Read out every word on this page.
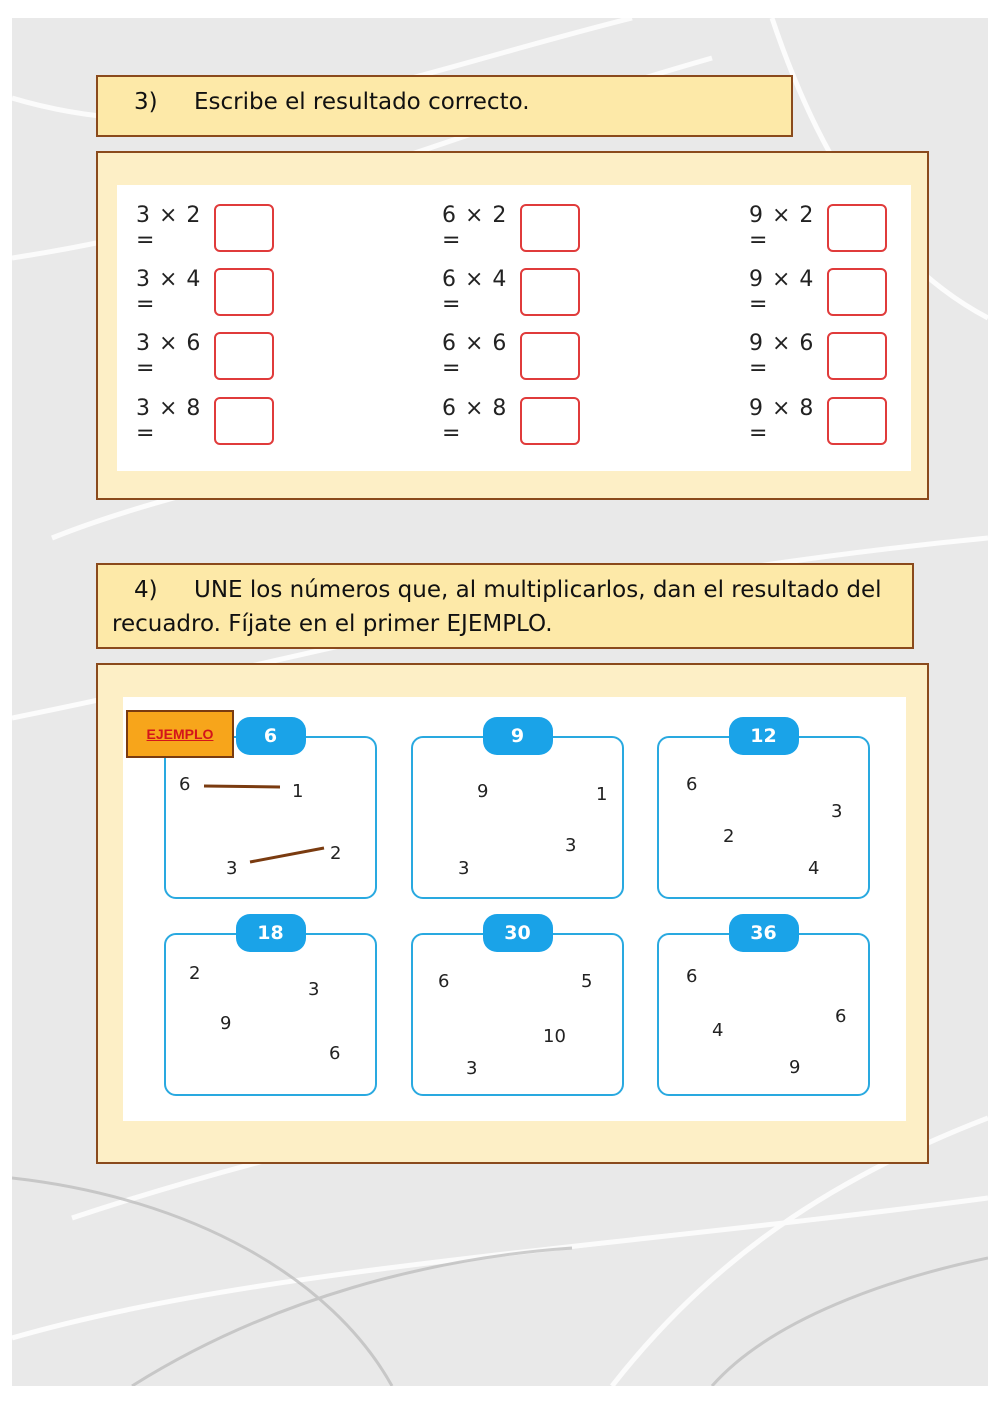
3) Escribe el resultado correcto.
3 × 2 =
3 × 4 =
3 × 6 =
3 × 8 =
6 × 2 =
6 × 4 =
6 × 6 =
6 × 8 =
9 × 2 =
9 × 4 =
9 × 6 =
9 × 8 =
4) UNE los números que, al multiplicarlos, dan el resultado del recuadro. Fíjate en el primer EJEMPLO.
6
6	1
3
2
9
9	1
3
3
12
6
3
2
4
18
2
3
9
6
30
6	5
10
3
36
6
4
6
9
EJEMPLO
